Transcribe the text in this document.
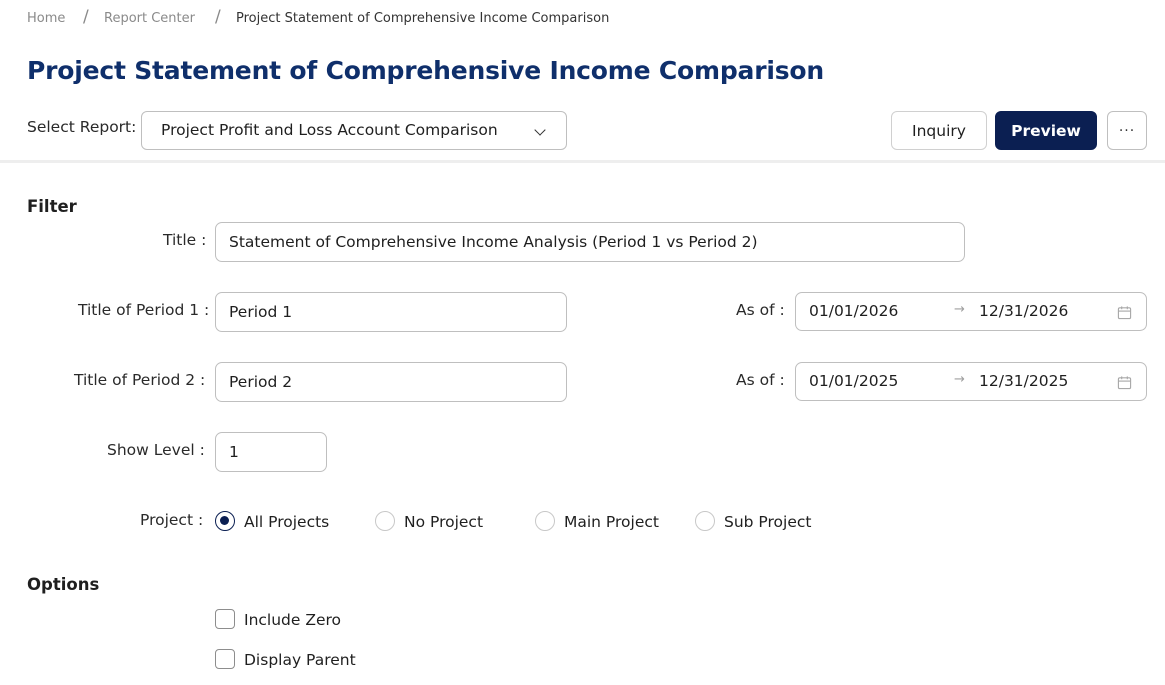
Home / Report Center / Project Statement of Comprehensive Income Comparison
Project Statement of Comprehensive Income Comparison
Select Report: Project Profit and Loss Account Comparison	Inquiry	Preview	···
Filter
Title : Statement of Comprehensive Income Analysis (Period 1 vs Period 2)
Title of Period 1 : Period 1	As of : 01/01/2026	→ 12/31/2026
Title of Period 2 : Period 2	As of : 01/01/2025	→ 12/31/2025
Show Level : 1
Project :	All Projects	No Project	Main Project	Sub Project
Options
Include Zero
Display Parent
